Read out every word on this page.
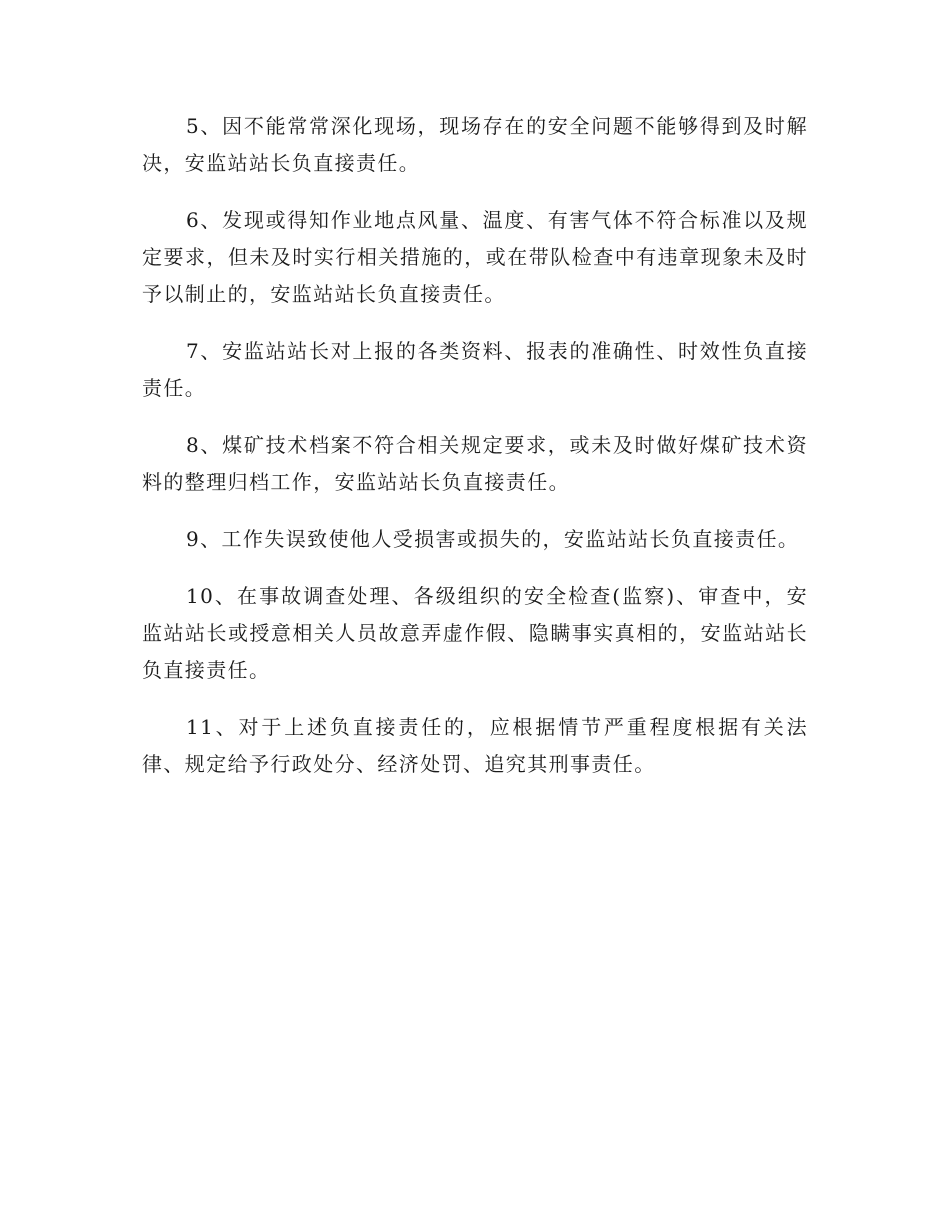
5、因不能常常深化现场，现场存在的安全问题不能够得到及时解决，安监站站长负直接责任。

6、发现或得知作业地点风量、温度、有害气体不符合标准以及规定要求，但未及时实行相关措施的，或在带队检查中有违章现象未及时予以制止的，安监站站长负直接责任。

7、安监站站长对上报的各类资料、报表的准确性、时效性负直接责任。

8、煤矿技术档案不符合相关规定要求，或未及时做好煤矿技术资料的整理归档工作，安监站站长负直接责任。

9、工作失误致使他人受损害或损失的，安监站站长负直接责任。

10、在事故调查处理、各级组织的安全检查(监察)、审查中，安监站站长或授意相关人员故意弄虚作假、隐瞒事实真相的，安监站站长负直接责任。

11、对于上述负直接责任的，应根据情节严重程度根据有关法律、规定给予行政处分、经济处罚、追究其刑事责任。
